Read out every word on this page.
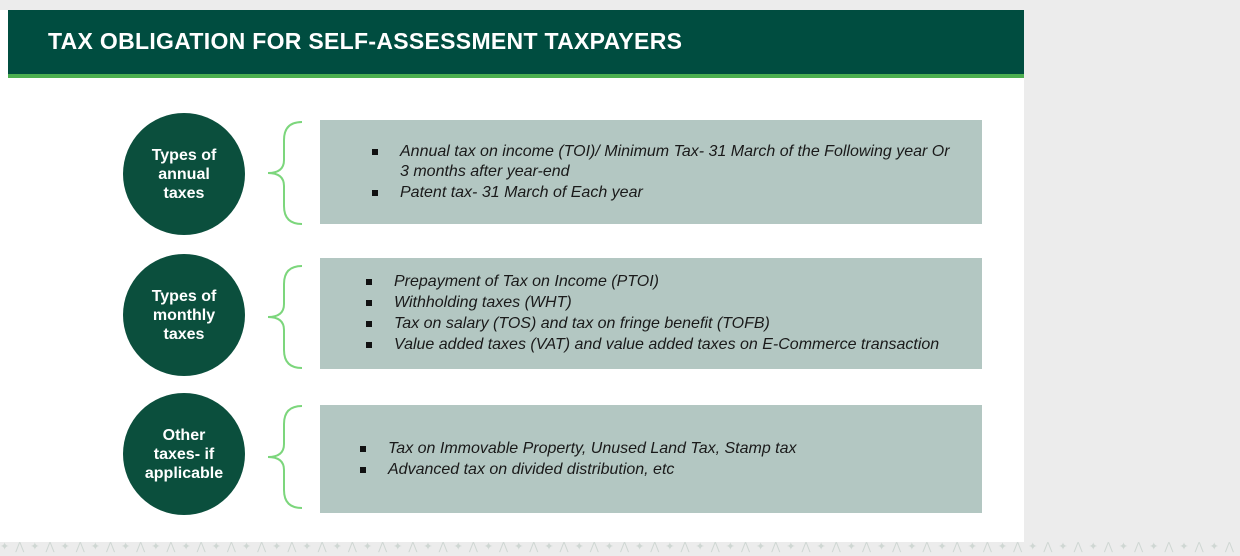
TAX OBLIGATION FOR SELF-ASSESSMENT TAXPAYERS
Types of annual taxes
Annual tax on income (TOI)/ Minimum Tax- 31 March of the Following year Or 3 months after year-end
Patent tax- 31 March of Each year
Types of monthly taxes
Prepayment of Tax on Income (PTOI)
Withholding taxes (WHT)
Tax on salary (TOS) and tax on fringe benefit (TOFB)
Value added taxes (VAT) and value added taxes on E-Commerce transaction
Other taxes- if applicable
Tax on Immovable Property, Unused Land Tax, Stamp tax
Advanced tax on divided distribution, etc
✦⋀✦⋀✦⋀✦⋀✦⋀✦⋀✦⋀✦⋀✦⋀✦⋀✦⋀✦⋀✦⋀✦⋀✦⋀✦⋀✦⋀✦⋀✦⋀✦⋀✦⋀✦⋀✦⋀✦⋀✦⋀✦⋀✦⋀✦⋀✦⋀✦⋀✦⋀✦⋀✦⋀✦⋀✦⋀✦⋀✦⋀✦⋀✦⋀✦⋀✦⋀
